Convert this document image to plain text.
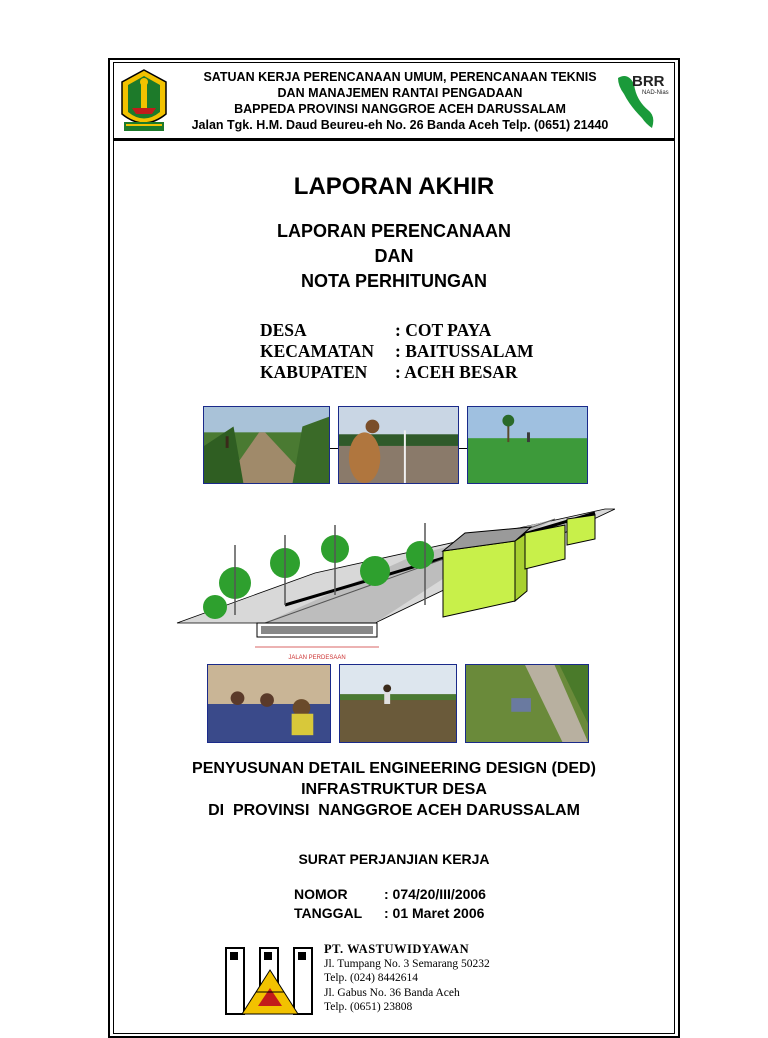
SATUAN KERJA PERENCANAAN UMUM, PERENCANAAN TEKNIS
DAN MANAJEMEN RANTAI PENGADAAN
BAPPEDA PROVINSI NANGGROE ACEH DARUSSALAM
Jalan Tgk. H.M. Daud Beureu-eh No. 26 Banda Aceh Telp. (0651) 21440
BRR
NAD-Nias
LAPORAN AKHIR
LAPORAN PERENCANAAN
DAN
NOTA PERHITUNGAN
DESA	: COT PAYA
KECAMATAN : BAITUSSALAM
KABUPATEN : ACEH BESAR
JALAN PERDESAAN
PENYUSUNAN DETAIL ENGINEERING DESIGN (DED)
INFRASTRUKTUR DESA
DI  PROVINSI  NANGGROE ACEH DARUSSALAM
SURAT PERJANJIAN KERJA
NOMOR	: 074/20/III/2006
TANGGAL : 01 Maret 2006
PT. WASTUWIDYAWAN
Jl. Tumpang No. 3 Semarang 50232
Telp. (024) 8442614
Jl. Gabus No. 36 Banda Aceh
Telp. (0651) 23808
